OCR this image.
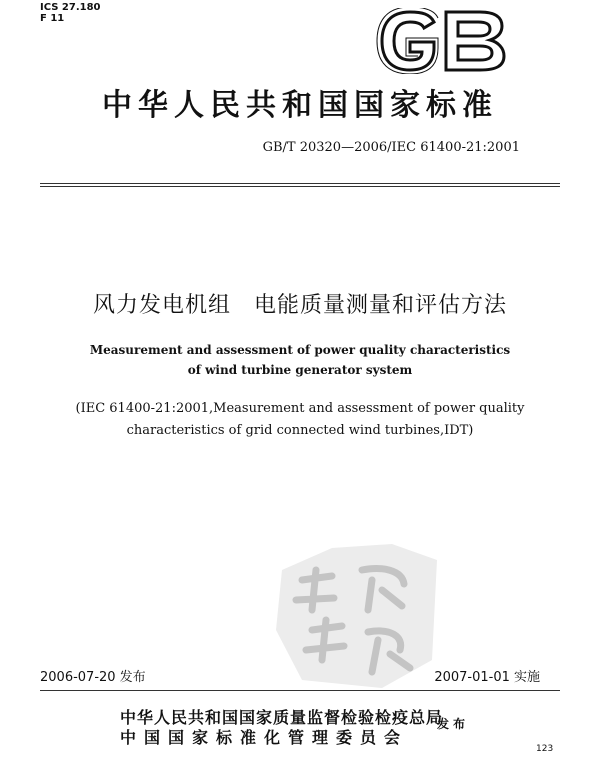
ICS 27.180
F 11
中华人民共和国国家标准
GB/T 20320—2006/IEC 61400-21:2001
风力发电机组　电能质量测量和评估方法
Measurement and assessment of power quality characteristics
of wind turbine generator system
(IEC 61400-21:2001,Measurement and assessment of power quality
characteristics of grid connected wind turbines,IDT)
2006-07-20 发布	2007-01-01 实施
中华人民共和国国家质量监督检验检疫总局
中国国家标准化管理委员会
发布
123
